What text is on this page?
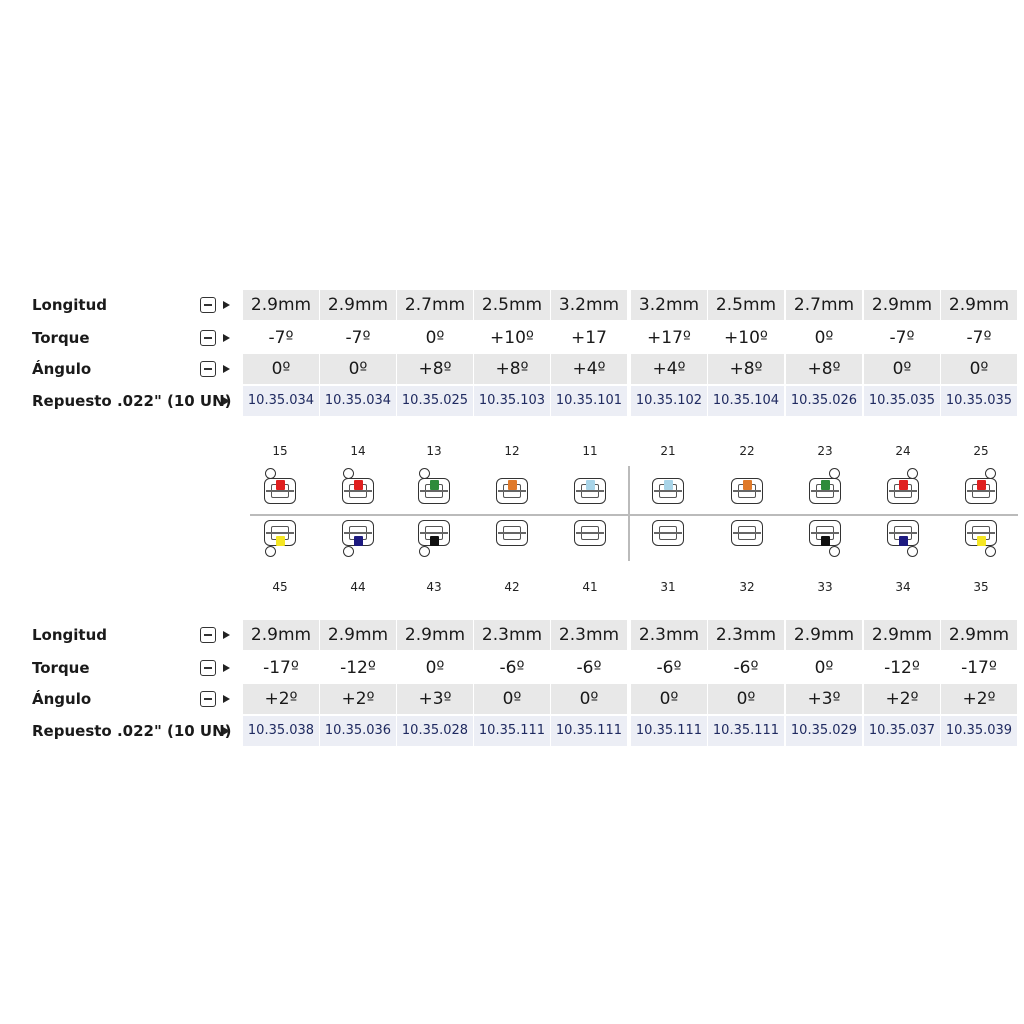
Longitud	2.9mm 2.9mm 2.7mm 2.5mm 3.2mm	3.2mm 2.5mm	2.7mm	2.9mm 2.9mm
Torque	-7º	-7º	0º	+10º	+17	+17º	+10º	0º	-7º	-7º
Ángulo	0º	0º	+8º	+8º	+4º	+4º	+8º	+8º	0º	0º
Repuesto .022" (10 UN)	10.35.034 10.35.034 10.35.025 10.35.103 10.35.101	10.35.102 10.35.104 10.35.026 10.35.035 10.35.035
15
45
14
44
13
43
12
42
11
41
21
31
22
32
23
33
24
34
25
35
Longitud	2.9mm 2.9mm 2.9mm 2.3mm 2.3mm	2.3mm 2.3mm	2.9mm	2.9mm 2.9mm
Torque	-17º	-12º	0º	-6º	-6º	-6º	-6º	0º	-12º	-17º
Ángulo	+2º	+2º	+3º	0º	0º	0º	0º	+3º	+2º	+2º
Repuesto .022" (10 UN)	10.35.038 10.35.036 10.35.028 10.35.111 10.35.111	10.35.111 10.35.111 10.35.029 10.35.037 10.35.039
